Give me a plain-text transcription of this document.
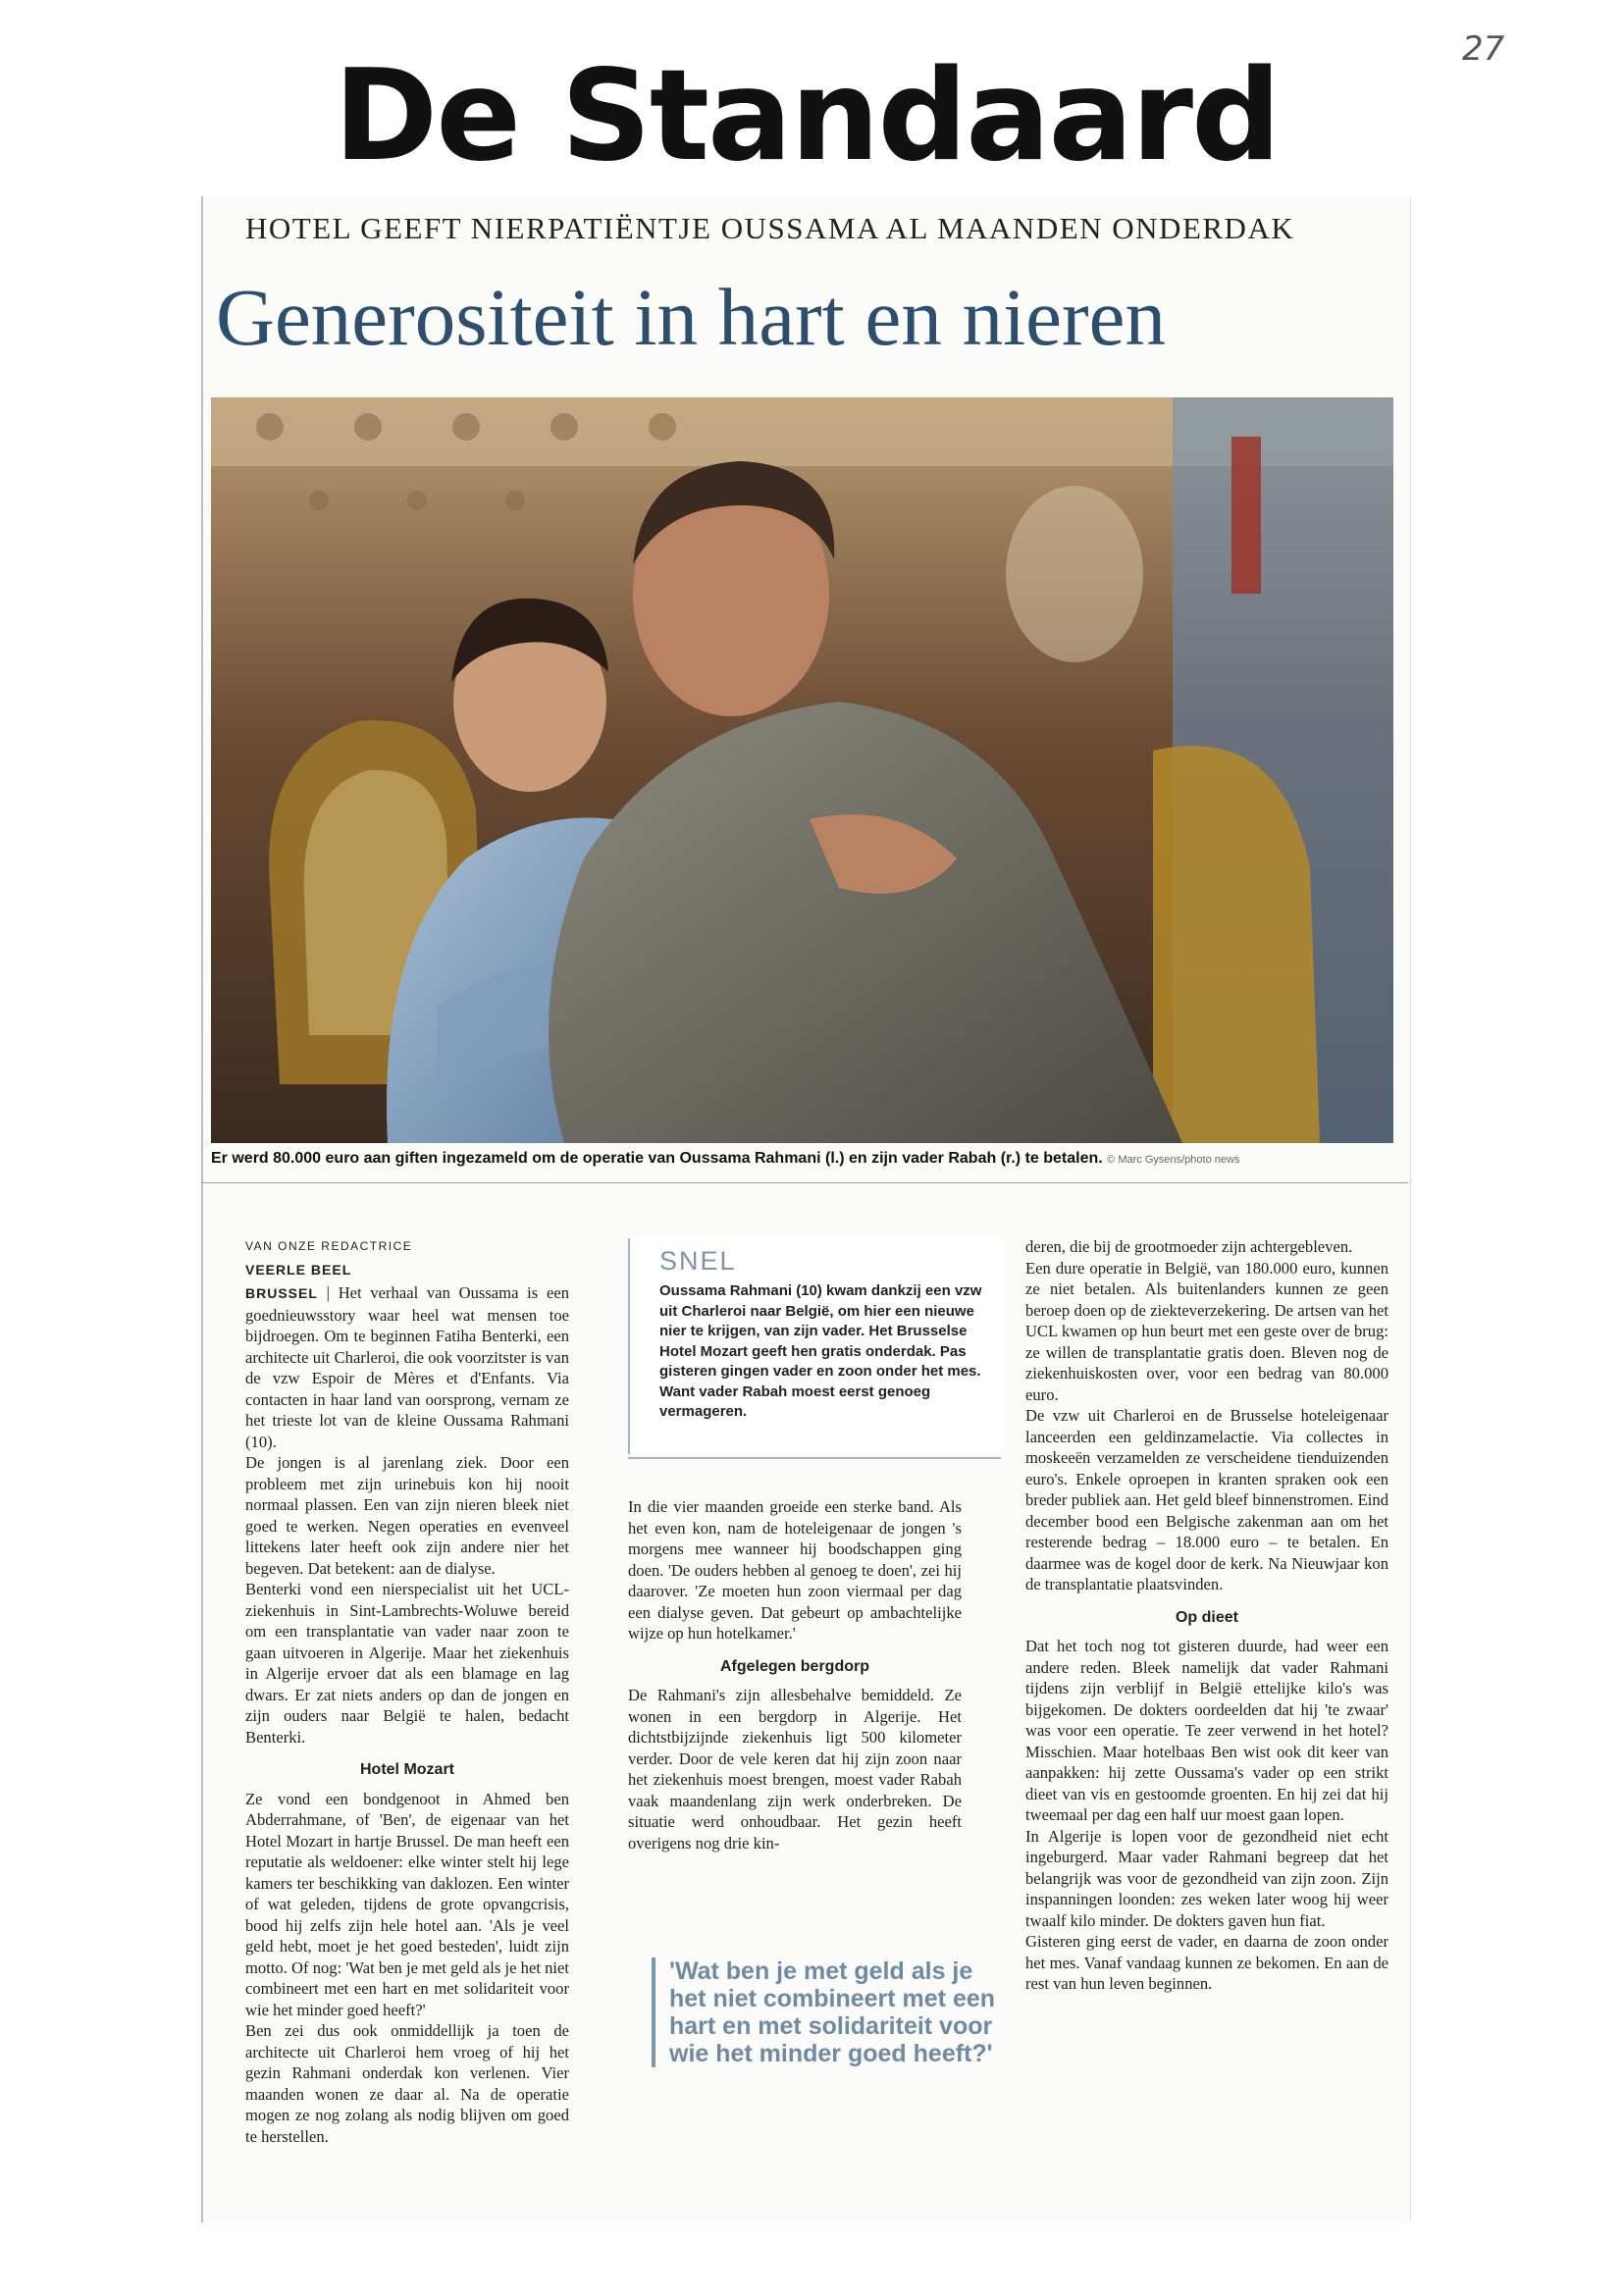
27
De Standaard
HOTEL GEEFT NIERPATIËNTJE OUSSAMA AL MAANDEN ONDERDAK
Generositeit in hart en nieren
Er werd 80.000 euro aan giften ingezameld om de operatie van Oussama Rahmani (l.) en zijn vader Rabah (r.) te betalen. © Marc Gysens/photo news
VAN ONZE REDACTRICE
VEERLE BEEL

BRUSSEL | Het verhaal van Oussama is een goednieuwsstory waar heel wat mensen toe bijdroegen. Om te beginnen Fatiha Benterki, een architecte uit Charleroi, die ook voorzitster is van de vzw Espoir de Mères et d'Enfants. Via contacten in haar land van oorsprong, vernam ze het trieste lot van de kleine Oussama Rahmani (10).

De jongen is al jarenlang ziek. Door een probleem met zijn urinebuis kon hij nooit normaal plassen. Een van zijn nieren bleek niet goed te werken. Negen operaties en evenveel littekens later heeft ook zijn andere nier het begeven. Dat betekent: aan de dialyse.

Benterki vond een nierspecialist uit het UCL-ziekenhuis in Sint-Lambrechts-Woluwe bereid om een transplantatie van vader naar zoon te gaan uitvoeren in Algerije. Maar het ziekenhuis in Algerije ervoer dat als een blamage en lag dwars. Er zat niets anders op dan de jongen en zijn ouders naar België te halen, bedacht Benterki.

Hotel Mozart

Ze vond een bondgenoot in Ahmed ben Abderrahmane, of 'Ben', de eigenaar van het Hotel Mozart in hartje Brussel. De man heeft een reputatie als weldoener: elke winter stelt hij lege kamers ter beschikking van daklozen. Een winter of wat geleden, tijdens de grote opvangcrisis, bood hij zelfs zijn hele hotel aan. 'Als je veel geld hebt, moet je het goed besteden', luidt zijn motto. Of nog: 'Wat ben je met geld als je het niet combineert met een hart en met solidariteit voor wie het minder goed heeft?'

Ben zei dus ook onmiddellijk ja toen de architecte uit Charleroi hem vroeg of hij het gezin Rahmani onderdak kon verlenen. Vier maanden wonen ze daar al. Na de operatie mogen ze nog zolang als nodig blijven om goed te herstellen.

SNEL
Oussama Rahmani (10) kwam dankzij een vzw uit Charleroi naar België, om hier een nieuwe nier te krijgen, van zijn vader. Het Brusselse Hotel Mozart geeft hen gratis onderdak. Pas gisteren gingen vader en zoon onder het mes. Want vader Rabah moest eerst genoeg vermageren.

In die vier maanden groeide een sterke band. Als het even kon, nam de hoteleigenaar de jongen 's morgens mee wanneer hij boodschappen ging doen. 'De ouders hebben al genoeg te doen', zei hij daarover. 'Ze moeten hun zoon viermaal per dag een dialyse geven. Dat gebeurt op ambachtelijke wijze op hun hotelkamer.'

Afgelegen bergdorp

De Rahmani's zijn allesbehalve bemiddeld. Ze wonen in een bergdorp in Algerije. Het dichtstbijzijnde ziekenhuis ligt 500 kilometer verder. Door de vele keren dat hij zijn zoon naar het ziekenhuis moest brengen, moest vader Rabah vaak maandenlang zijn werk onderbreken. De situatie werd onhoudbaar. Het gezin heeft overigens nog drie kin-

'Wat ben je met geld als je het niet combineert met een hart en met solidariteit voor wie het minder goed heeft?'

deren, die bij de grootmoeder zijn achtergebleven.

Een dure operatie in België, van 180.000 euro, kunnen ze niet betalen. Als buitenlanders kunnen ze geen beroep doen op de ziekteverzekering. De artsen van het UCL kwamen op hun beurt met een geste over de brug: ze willen de transplantatie gratis doen. Bleven nog de ziekenhuiskosten over, voor een bedrag van 80.000 euro.

De vzw uit Charleroi en de Brusselse hoteleigenaar lanceerden een geldinzamelactie. Via collectes in moskeeën verzamelden ze verscheidene tienduizenden euro's. Enkele oproepen in kranten spraken ook een breder publiek aan. Het geld bleef binnenstromen. Eind december bood een Belgische zakenman aan om het resterende bedrag – 18.000 euro – te betalen. En daarmee was de kogel door de kerk. Na Nieuwjaar kon de transplantatie plaatsvinden.

Op dieet

Dat het toch nog tot gisteren duurde, had weer een andere reden. Bleek namelijk dat vader Rahmani tijdens zijn verblijf in België ettelijke kilo's was bijgekomen. De dokters oordeelden dat hij 'te zwaar' was voor een operatie. Te zeer verwend in het hotel? Misschien. Maar hotelbaas Ben wist ook dit keer van aanpakken: hij zette Oussama's vader op een strikt dieet van vis en gestoomde groenten. En hij zei dat hij tweemaal per dag een half uur moest gaan lopen.

In Algerije is lopen voor de gezondheid niet echt ingeburgerd. Maar vader Rahmani begreep dat het belangrijk was voor de gezondheid van zijn zoon. Zijn inspanningen loonden: zes weken later woog hij weer twaalf kilo minder. De dokters gaven hun fiat.

Gisteren ging eerst de vader, en daarna de zoon onder het mes. Vanaf vandaag kunnen ze bekomen. En aan de rest van hun leven beginnen.
